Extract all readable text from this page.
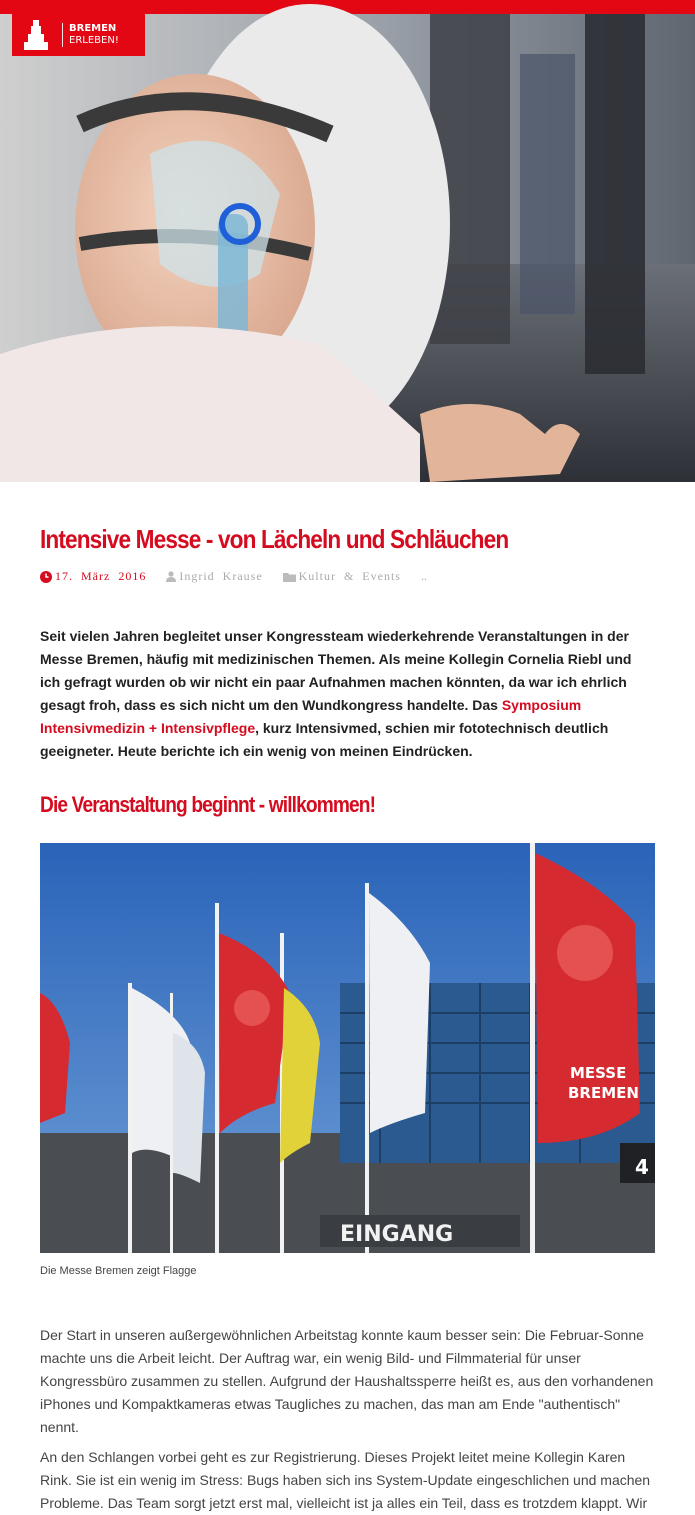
BREMEN
ERLEBEN!
Intensive Messe - von Lächeln und Schläuchen
17. März 2016	Ingrid Krause	Kultur & Events ..

Seit vielen Jahren begleitet unser Kongressteam wiederkehrende Veranstaltungen in der Messe Bremen, häufig mit medizinischen Themen. Als meine Kollegin Cornelia Riebl und ich gefragt wurden ob wir nicht ein paar Aufnahmen machen könnten, da war ich ehrlich gesagt froh, dass es sich nicht um den Wundkongress handelte. Das Symposium Intensivmedizin + Intensivpflege, kurz Intensivmed, schien mir fototechnisch deutlich geeigneter. Heute berichte ich ein wenig von meinen Eindrücken.

Die Veranstaltung beginnt - willkommen!
MESSE
BREMEN
EINGANG
4
Die Messe Bremen zeigt Flagge

Der Start in unseren außergewöhnlichen Arbeitstag konnte kaum besser sein: Die Februar-Sonne machte uns die Arbeit leicht. Der Auftrag war, ein wenig Bild- und Filmmaterial für unser Kongressbüro zusammen zu stellen. Aufgrund der Haushaltssperre heißt es, aus den vorhandenen iPhones und Kompaktkameras etwas Taugliches zu machen, das man am Ende "authentisch" nennt.

An den Schlangen vorbei geht es zur Registrierung. Dieses Projekt leitet meine Kollegin Karen Rink. Sie ist ein wenig im Stress: Bugs haben sich ins System-Update eingeschlichen und machen Probleme. Das Team sorgt jetzt erst mal, vielleicht ist ja alles ein Teil, dass es trotzdem klappt. Wir
